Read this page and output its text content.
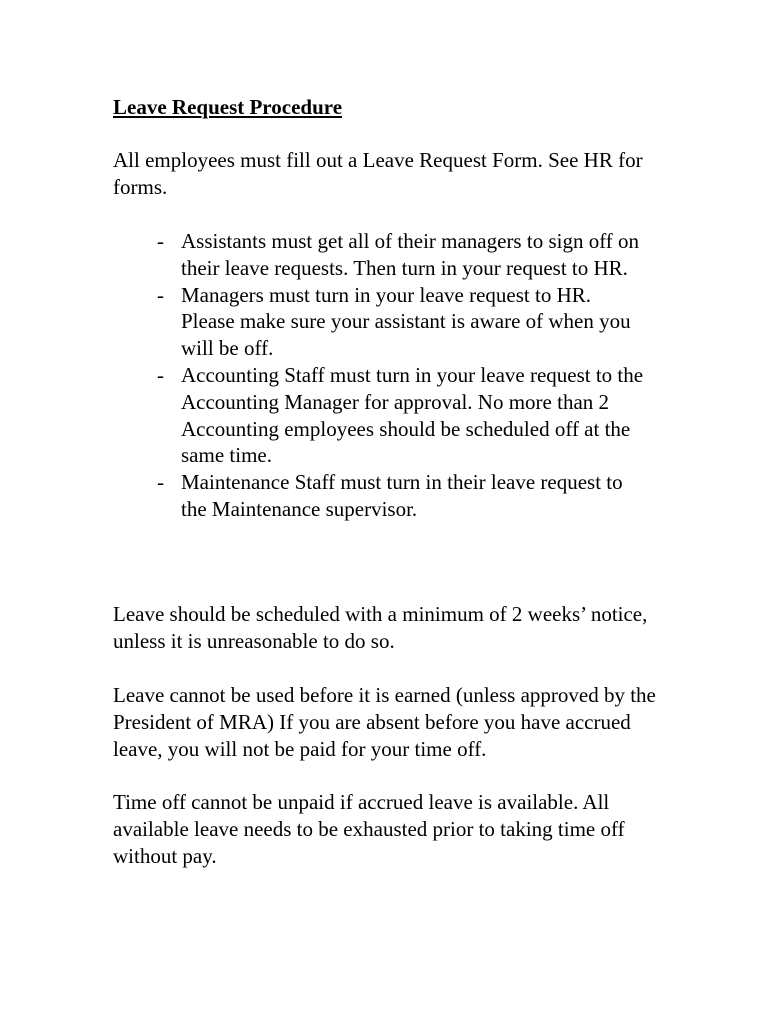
Leave Request Procedure

All employees must fill out a Leave Request Form. See HR for forms.

- Assistants must get all of their managers to sign off on their leave requests. Then turn in your request to HR.
- Managers must turn in your leave request to HR. Please make sure your assistant is aware of when you will be off.
- Accounting Staff must turn in your leave request to the Accounting Manager for approval. No more than 2 Accounting employees should be scheduled off at the same time.
- Maintenance Staff must turn in their leave request to the Maintenance supervisor.

Leave should be scheduled with a minimum of 2 weeks’ notice, unless it is unreasonable to do so.

Leave cannot be used before it is earned (unless approved by the President of MRA) If you are absent before you have accrued leave, you will not be paid for your time off.

Time off cannot be unpaid if accrued leave is available. All available leave needs to be exhausted prior to taking time off without pay.
